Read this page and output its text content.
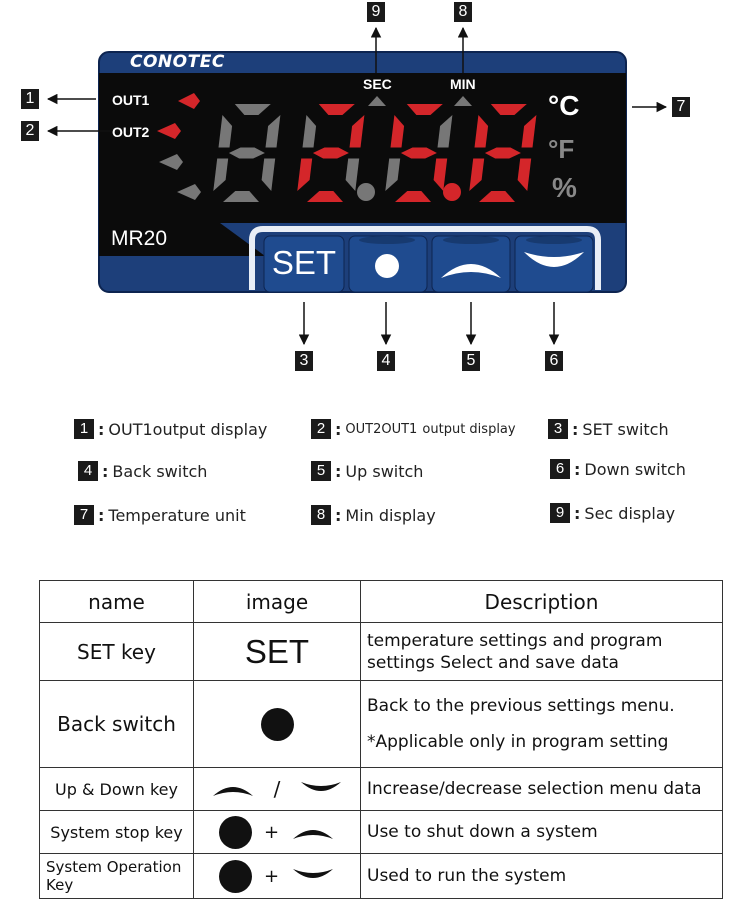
CONOTEC
OUT1
OUT2
SEC	MIN
°C
°F
%
MR20
SET
1
2
7
9	8
3	4	5	6
1 : OUT1output display	2 : OUT2OUT1
output display	3 : SET switch
4 : Back switch	5 : Up switch	6 : Down switch
7 : Temperature unit	8 : Min display	9 : Sec display
name	image	Description
SET key	SET	temperature settings and program
settings Select and save data

Back switch		Back to the previous settings menu.
*Applicable only in program setting

Up & Down key	/	Increase/decrease selection menu data

System stop key	+	Use to shut down a system

System Operation
Key	+	Used to run the system
